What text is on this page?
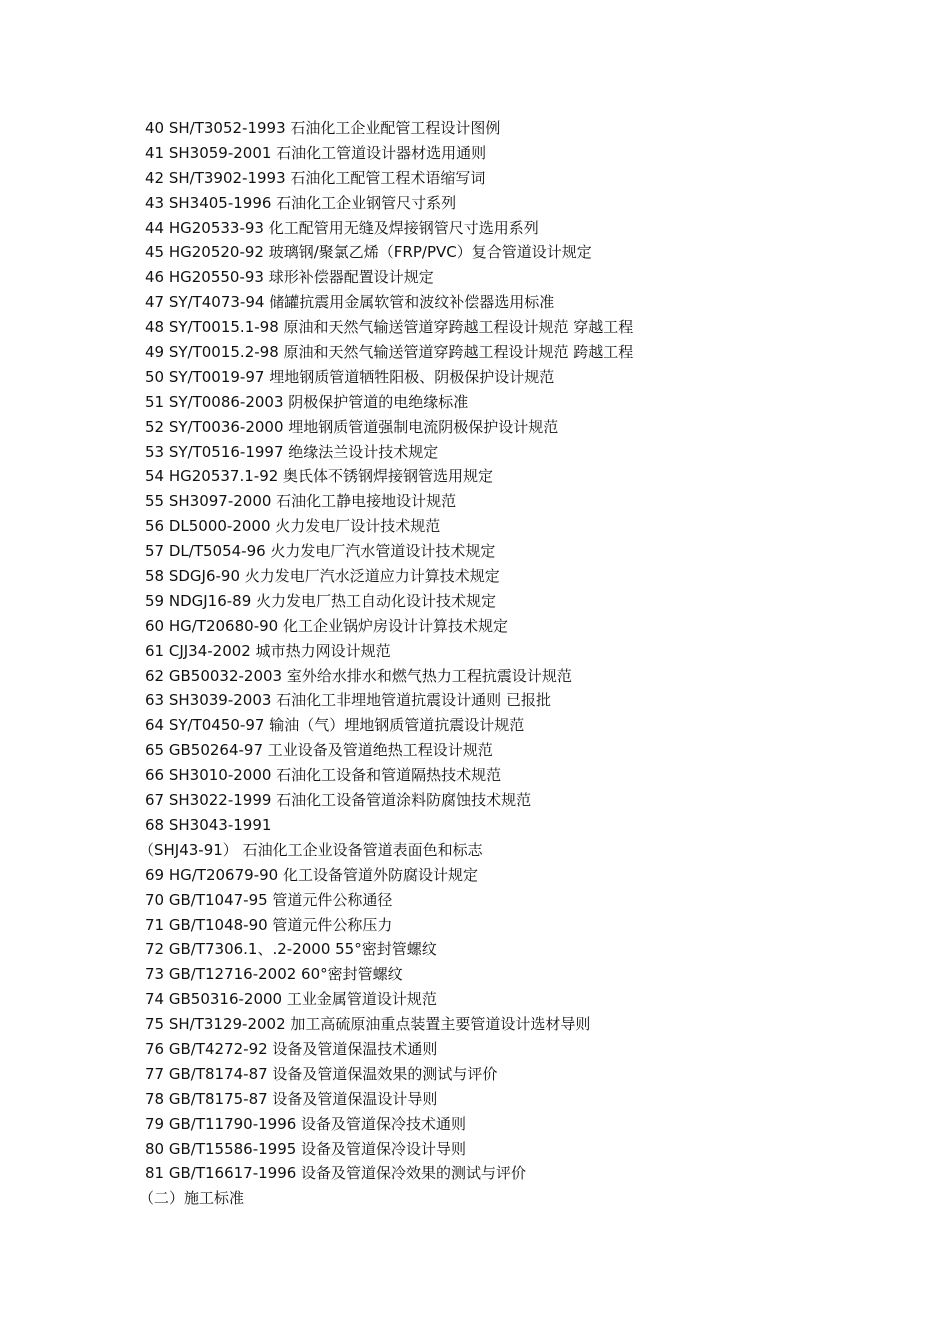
40 SH/T3052-1993 石油化工企业配管工程设计图例
41 SH3059-2001 石油化工管道设计器材选用通则
42 SH/T3902-1993 石油化工配管工程术语缩写词
43 SH3405-1996 石油化工企业钢管尺寸系列
44 HG20533-93 化工配管用无缝及焊接钢管尺寸选用系列
45 HG20520-92 玻璃钢/聚氯乙烯（FRP/PVC）复合管道设计规定
46 HG20550-93 球形补偿器配置设计规定
47 SY/T4073-94 储罐抗震用金属软管和波纹补偿器选用标准
48 SY/T0015.1-98 原油和天然气输送管道穿跨越工程设计规范 穿越工程
49 SY/T0015.2-98 原油和天然气输送管道穿跨越工程设计规范 跨越工程
50 SY/T0019-97 埋地钢质管道牺牲阳极、阴极保护设计规范
51 SY/T0086-2003 阴极保护管道的电绝缘标准
52 SY/T0036-2000 埋地钢质管道强制电流阴极保护设计规范
53 SY/T0516-1997 绝缘法兰设计技术规定
54 HG20537.1-92 奥氏体不锈钢焊接钢管选用规定
55 SH3097-2000 石油化工静电接地设计规范
56 DL5000-2000 火力发电厂设计技术规范
57 DL/T5054-96 火力发电厂汽水管道设计技术规定
58 SDGJ6-90 火力发电厂汽水泛道应力计算技术规定
59 NDGJ16-89 火力发电厂热工自动化设计技术规定
60 HG/T20680-90 化工企业锅炉房设计计算技术规定
61 CJJ34-2002 城市热力网设计规范
62 GB50032-2003 室外给水排水和燃气热力工程抗震设计规范
63 SH3039-2003 石油化工非埋地管道抗震设计通则 已报批
64 SY/T0450-97 输油（气）埋地钢质管道抗震设计规范
65 GB50264-97 工业设备及管道绝热工程设计规范
66 SH3010-2000 石油化工设备和管道隔热技术规范
67 SH3022-1999 石油化工设备管道涂料防腐蚀技术规范
68 SH3043-1991
（SHJ43-91） 石油化工企业设备管道表面色和标志
69 HG/T20679-90 化工设备管道外防腐设计规定
70 GB/T1047-95 管道元件公称通径
71 GB/T1048-90 管道元件公称压力
72 GB/T7306.1、.2-2000 55°密封管螺纹
73 GB/T12716-2002 60°密封管螺纹
74 GB50316-2000 工业金属管道设计规范
75 SH/T3129-2002 加工高硫原油重点装置主要管道设计选材导则
76 GB/T4272-92 设备及管道保温技术通则
77 GB/T8174-87 设备及管道保温效果的测试与评价
78 GB/T8175-87 设备及管道保温设计导则
79 GB/T11790-1996 设备及管道保冷技术通则
80 GB/T15586-1995 设备及管道保冷设计导则
81 GB/T16617-1996 设备及管道保冷效果的测试与评价
（二）施工标准
